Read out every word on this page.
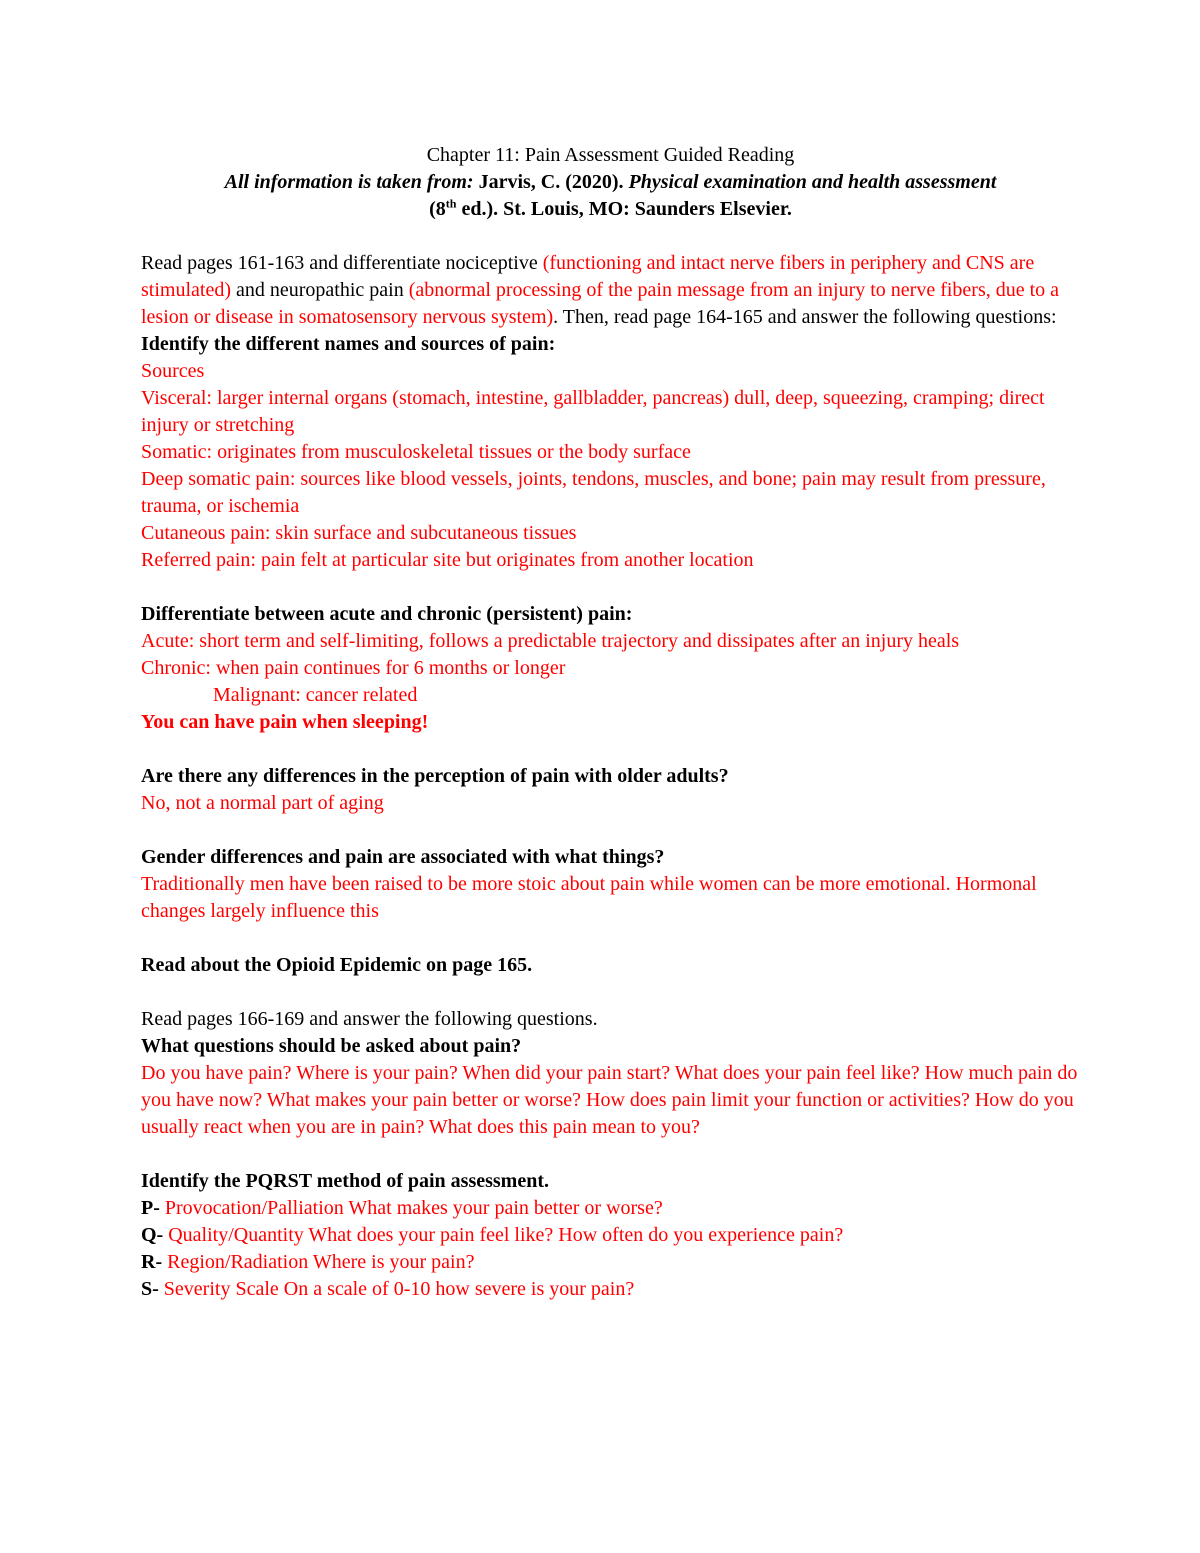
Chapter 11: Pain Assessment Guided Reading

All information is taken from: Jarvis, C. (2020). Physical examination and health assessment

(8th ed.). St. Louis, MO: Saunders Elsevier.

Read pages 161-163 and differentiate nociceptive (functioning and intact nerve fibers in periphery and CNS are stimulated) and neuropathic pain (abnormal processing of the pain message from an injury to nerve fibers, due to a lesion or disease in somatosensory nervous system). Then, read page 164-165 and answer the following questions:

Identify the different names and sources of pain:

Sources

Visceral: larger internal organs (stomach, intestine, gallbladder, pancreas) dull, deep, squeezing, cramping; direct injury or stretching

Somatic: originates from musculoskeletal tissues or the body surface

Deep somatic pain: sources like blood vessels, joints, tendons, muscles, and bone; pain may result from pressure, trauma, or ischemia

Cutaneous pain: skin surface and subcutaneous tissues

Referred pain: pain felt at particular site but originates from another location

Differentiate between acute and chronic (persistent) pain:

Acute: short term and self-limiting, follows a predictable trajectory and dissipates after an injury heals

Chronic: when pain continues for 6 months or longer

Malignant: cancer related

You can have pain when sleeping!

Are there any differences in the perception of pain with older adults?

No, not a normal part of aging

Gender differences and pain are associated with what things?

Traditionally men have been raised to be more stoic about pain while women can be more emotional. Hormonal changes largely influence this

Read about the Opioid Epidemic on page 165.

Read pages 166-169 and answer the following questions.

What questions should be asked about pain?

Do you have pain? Where is your pain? When did your pain start? What does your pain feel like? How much pain do you have now? What makes your pain better or worse? How does pain limit your function or activities? How do you usually react when you are in pain? What does this pain mean to you?

Identify the PQRST method of pain assessment.

P- Provocation/Palliation What makes your pain better or worse?

Q- Quality/Quantity What does your pain feel like? How often do you experience pain?

R- Region/Radiation Where is your pain?

S- Severity Scale On a scale of 0-10 how severe is your pain?
